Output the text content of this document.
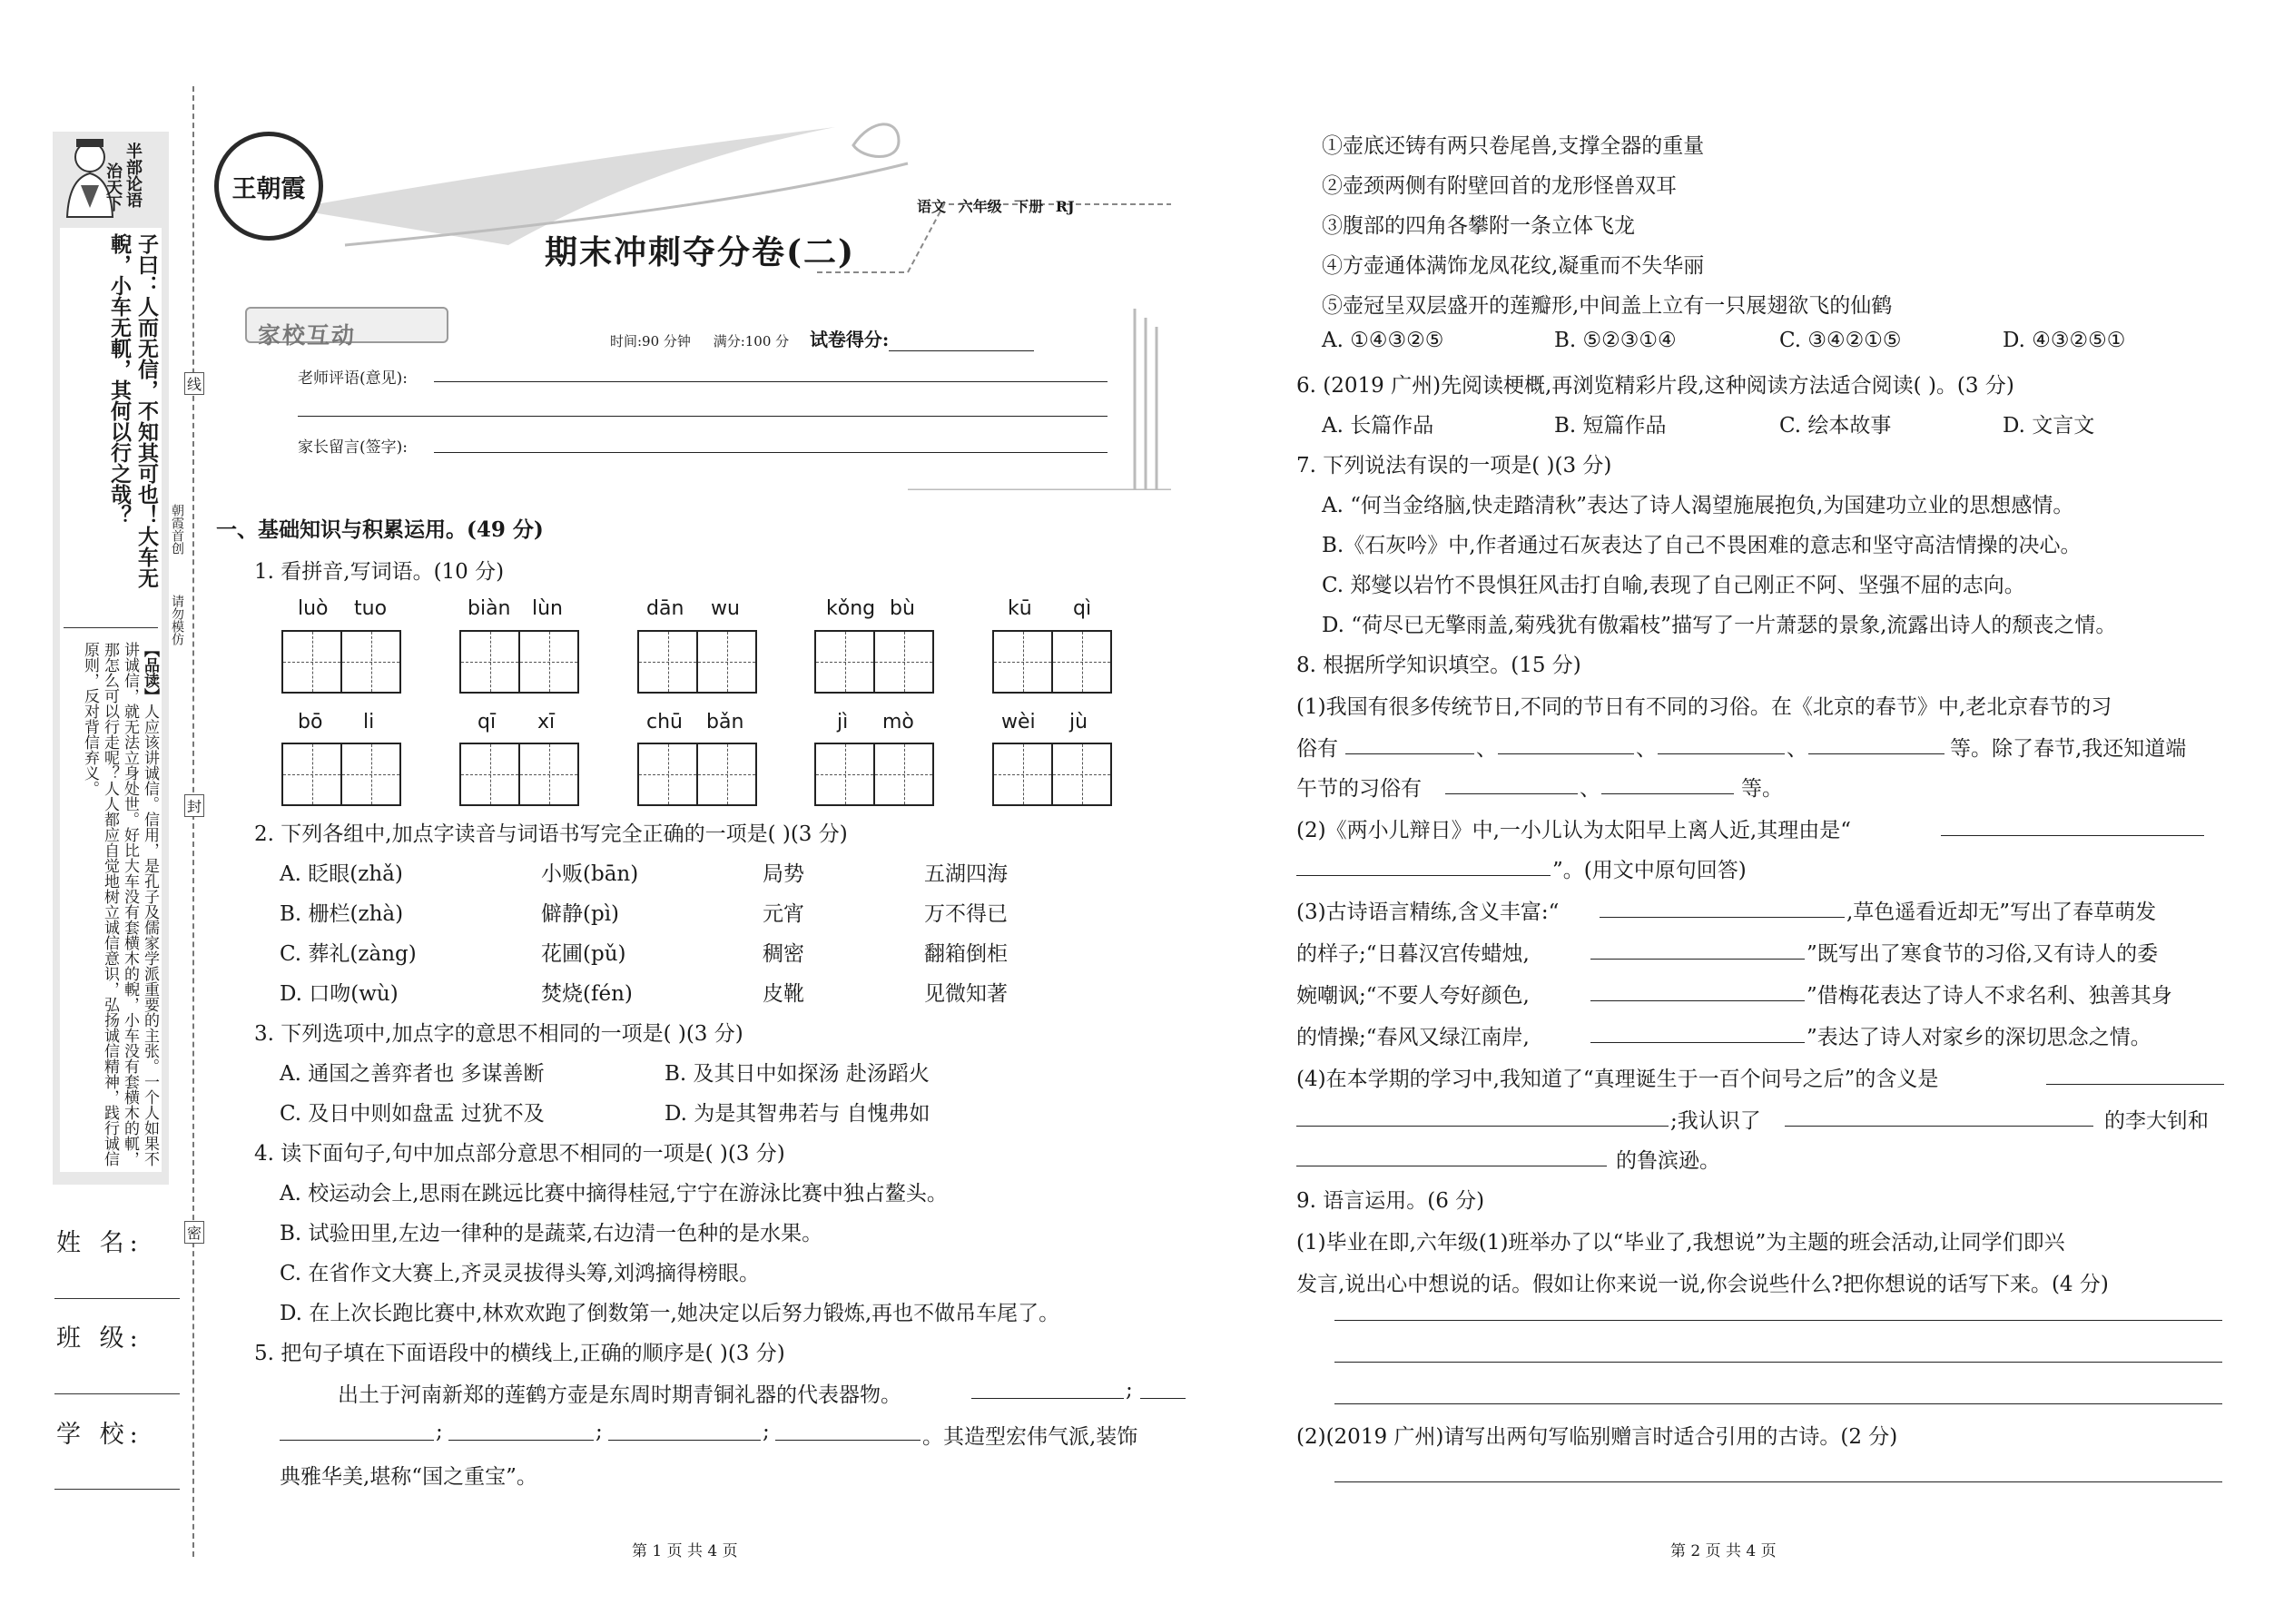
半部论语
治天下
子曰：人而无信，不知其可也！大车无輗，小车无軏，其何以行之哉？
【品读】人应该讲诚信。信用，是孔子及儒家学派重要的主张。一个人如果不讲诚信，就无法立身处世。好比大车没有套横木的輗，小车没有套横木的軏，那怎么可以行走呢？人人都应自觉地树立诚信意识，弘扬诚信精神，践行诚信原则，反对背信弃义。
朝霞首创
请勿模仿
姓 名:
班 级:
学 校:
线
封
密
王朝霞
期末冲刺夺分卷(二)
语文 六年级 下册 RJ
家校互动	时间:90 分钟 满分:100 分 试卷得分:
老师评语(意见):
家长留言(签字):
一、基础知识与积累运用。(49 分)
1. 看拼音,写词语。(10 分)
luò tuo	biàn lùn	dān wu	kǒng bù	kū qì
bō li	qī xī	chū bǎn	jì mò	wèi jù
2. 下列各组中,加点字读音与词语书写完全正确的一项是( )(3 分)
A. 眨眼(zhǎ)	小贩(bān)	局势	五湖四海
B. 栅栏(zhà)	僻静(pì)	元宵	万不得已
C. 葬礼(zàng)	花圃(pǔ)	稠密	翻箱倒柜
D. 口吻(wù)	焚烧(fén)	皮靴	见微知著
3. 下列选项中,加点字的意思不相同的一项是( )(3 分)
A. 通国之善弈者也 多谋善断	B. 及其日中如探汤 赴汤蹈火
C. 及日中则如盘盂 过犹不及	D. 为是其智弗若与 自愧弗如
4. 读下面句子,句中加点部分意思不相同的一项是( )(3 分)
A. 校运动会上,思雨在跳远比赛中摘得桂冠,宁宁在游泳比赛中独占鳌头。
B. 试验田里,左边一律种的是蔬菜,右边清一色种的是水果。
C. 在省作文大赛上,齐灵灵拔得头筹,刘鸿摘得榜眼。
D. 在上次长跑比赛中,林欢欢跑了倒数第一,她决定以后努力锻炼,再也不做吊车尾了。
5. 把句子填在下面语段中的横线上,正确的顺序是( )(3 分)
出土于河南新郑的莲鹤方壶是东周时期青铜礼器的代表器物。	;
;	;	;	。其造型宏伟气派,装饰
典雅华美,堪称“国之重宝”。
第 1 页 共 4 页
①壶底还铸有两只卷尾兽,支撑全器的重量
②壶颈两侧有附壁回首的龙形怪兽双耳
③腹部的四角各攀附一条立体飞龙
④方壶通体满饰龙凤花纹,凝重而不失华丽
⑤壶冠呈双层盛开的莲瓣形,中间盖上立有一只展翅欲飞的仙鹤
A. ①④③②⑤	B. ⑤②③①④	C. ③④②①⑤	D. ④③②⑤①
6. (2019 广州)先阅读梗概,再浏览精彩片段,这种阅读方法适合阅读( )。(3 分)
A. 长篇作品	B. 短篇作品	C. 绘本故事	D. 文言文
7. 下列说法有误的一项是( )(3 分)
A. “何当金络脑,快走踏清秋”表达了诗人渴望施展抱负,为国建功立业的思想感情。
B.《石灰吟》中,作者通过石灰表达了自己不畏困难的意志和坚守高洁情操的决心。
C. 郑燮以岩竹不畏惧狂风击打自喻,表现了自己刚正不阿、坚强不屈的志向。
D. “荷尽已无擎雨盖,菊残犹有傲霜枝”描写了一片萧瑟的景象,流露出诗人的颓丧之情。
8. 根据所学知识填空。(15 分)
(1)我国有很多传统节日,不同的节日有不同的习俗。在《北京的春节》中,老北京春节的习
俗有	、	、	、	等。除了春节,我还知道端
午节的习俗有	、	等。
(2)《两小儿辩日》中,一小儿认为太阳早上离人近,其理由是“
”。(用文中原句回答)
(3)古诗语言精练,含义丰富:“	,草色遥看近却无”写出了春草萌发
的样子;“日暮汉宫传蜡烛,	”既写出了寒食节的习俗,又有诗人的委
婉嘲讽;“不要人夸好颜色,	”借梅花表达了诗人不求名利、独善其身
的情操;“春风又绿江南岸,	”表达了诗人对家乡的深切思念之情。
(4)在本学期的学习中,我知道了“真理诞生于一百个问号之后”的含义是
;我认识了	的李大钊和
的鲁滨逊。
9. 语言运用。(6 分)
(1)毕业在即,六年级(1)班举办了以“毕业了,我想说”为主题的班会活动,让同学们即兴
发言,说出心中想说的话。假如让你来说一说,你会说些什么?把你想说的话写下来。(4 分)
(2)(2019 广州)请写出两句写临别赠言时适合引用的古诗。(2 分)
第 2 页 共 4 页
